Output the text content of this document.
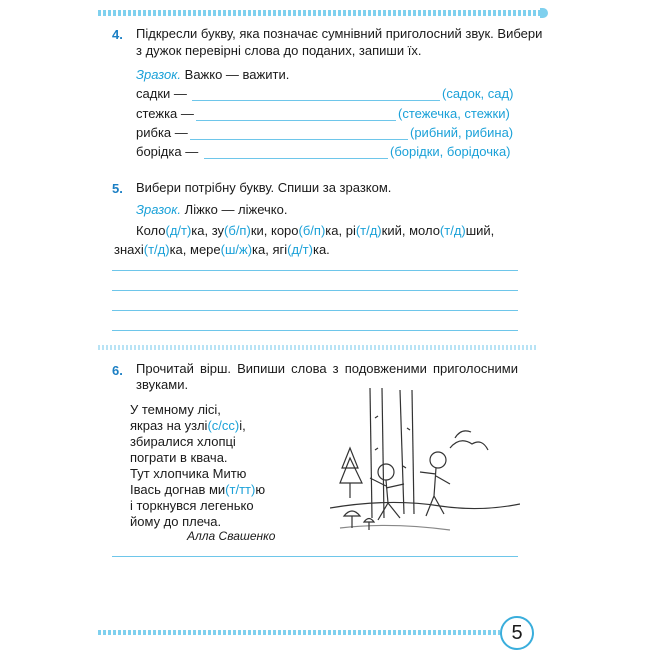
4. Підкресли букву, яка позначає сумнівний приголосний звук. Вибери
з дужок перевірні слова до поданих, запиши їх.
Зразок. Важко — важити.
садки —	(садок, сад)
стежка —	(стежечка, стежки)
рибка —	(рибний, рибина)
борідка —	(борідки, борідочка)
5. Вибери потрібну букву. Спиши за зразком.
Зразок. Ліжко — ліжечко.
Коло(д/т)ка, зу(б/п)ки, коро(б/п)ка, рі(т/д)кий, моло(т/д)ший,
знахі(т/д)ка, мере(ш/ж)ка, ягі(д/т)ка.
6. Прочитай вірш. Випиши слова з подовженими приголосними
звуками.
У темному лісі,
якраз на узлі(с/сс)і,
збиралися хлопці
пограти в квача.
Тут хлопчика Митю
Івась догнав ми(т/тт)ю
і торкнувся легенько
йому до плеча.
Алла Свашенко
5
